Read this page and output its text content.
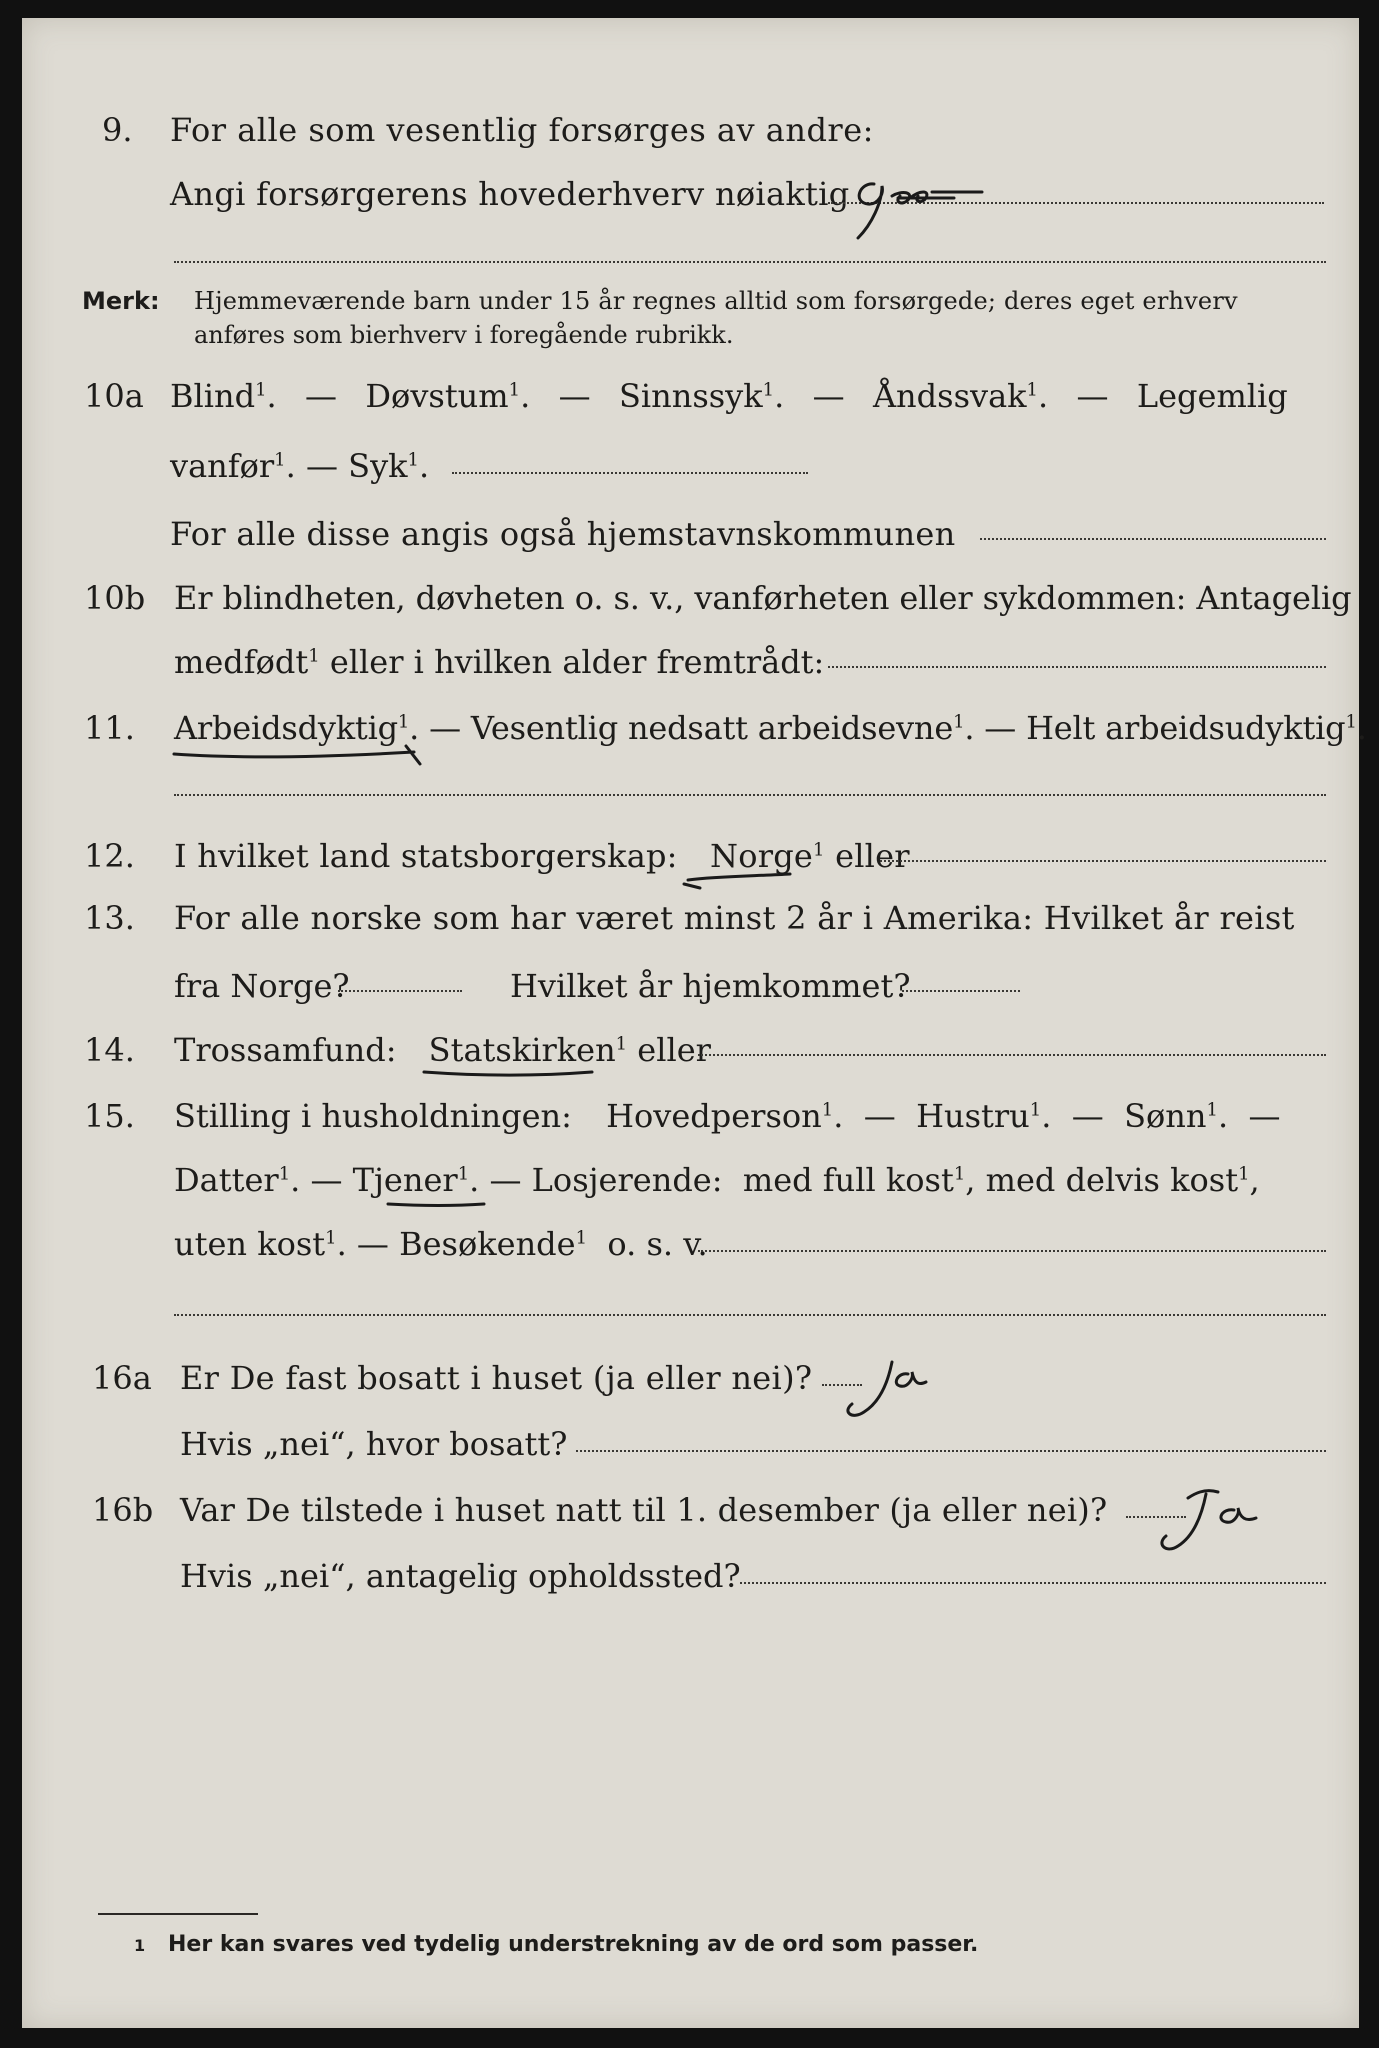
9. For alle som vesentlig forsørges av andre:
Angi forsørgerens hovederhverv nøiaktig
Merk: Hjemmeværende barn under 15 år regnes alltid som forsørgede; deres eget erhverv
anføres som bierhverv i foregående rubrikk.
10a Blind$^1$.  —  Døvstum$^1$.  —  Sinnssyk$^1$.  —  Åndssvak$^1$.  —  Legemlig
vanfør$^1$. — Syk$^1$.
For alle disse angis også hjemstavnskommunen
10b Er blindheten, døvheten o. s. v., vanførheten eller sykdommen: Antagelig
medfødt$^1$ eller i hvilken alder fremtrådt:
11. Arbeidsdyktig$^1$. — Vesentlig nedsatt arbeidsevne$^1$. — Helt arbeidsudyktig$^1$.
12. I hvilket land statsborgerskap: Norge$^1$ eller
13. For alle norske som har været minst 2 år i Amerika: Hvilket år reist
fra Norge?	Hvilket år hjemkommet?
14. Trossamfund: Statskirken$^1$ eller
15. Stilling i husholdningen: Hovedperson$^1$.  —  Hustru$^1$.  —  Sønn$^1$.  —
Datter$^1$. — Tjener$^1$. — Losjerende: med full kost$^1$, med delvis kost$^1$,
uten kost$^1$. — Besøkende$^1$ o. s. v.
16a Er De fast bosatt i huset (ja eller nei)?
Hvis „nei“, hvor bosatt?
16b Var De tilstede i huset natt til 1. desember (ja eller nei)?
Hvis „nei“, antagelig opholdssted?
1 Her kan svares ved tydelig understrekning av de ord som passer.
